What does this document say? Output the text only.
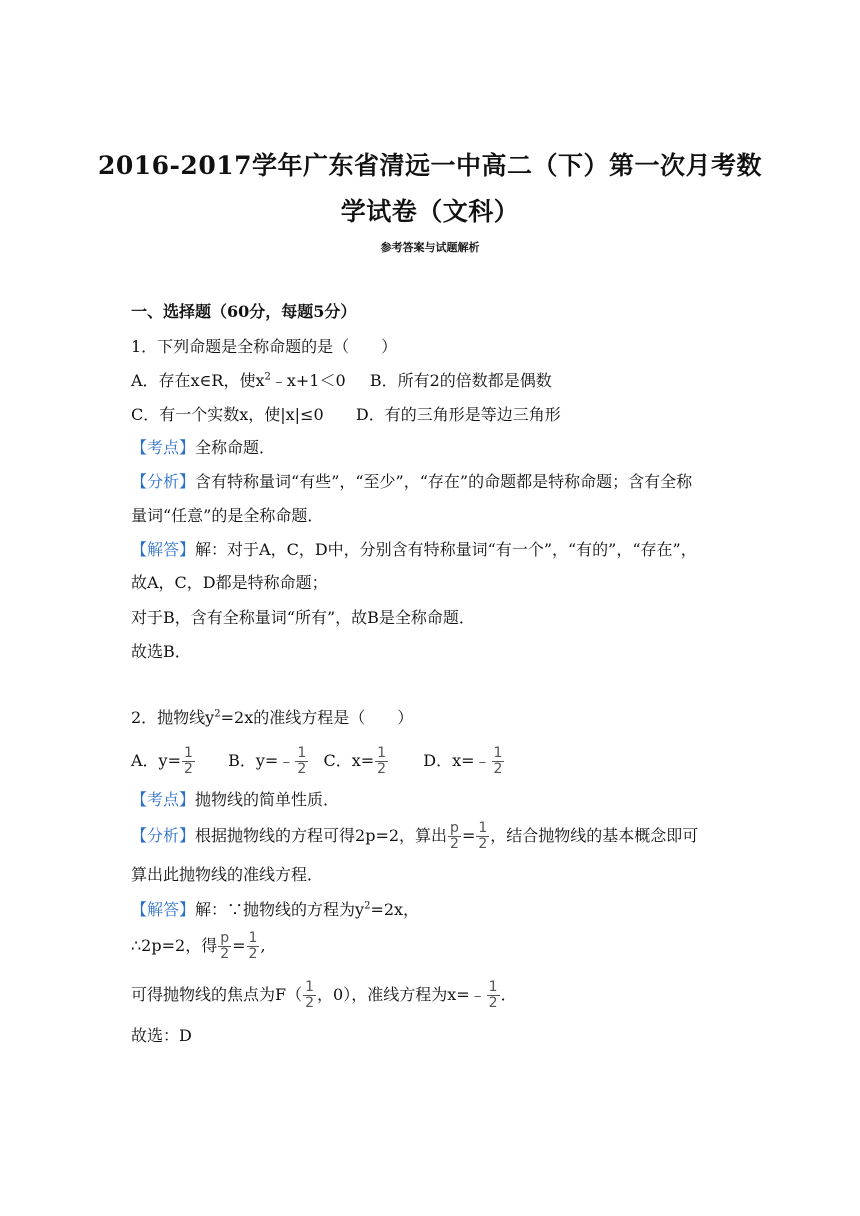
2016-2017学年广东省清远一中高二（下）第一次月考数
学试卷（文科）
参考答案与试题解析
一、选择题（60分，每题5分）
1．下列命题是全称命题的是（　　）
A．存在x∈R，使$x^2﹣x+1<0$ B．所有2的倍数都是偶数
C．有一个实数x，使|x|≤0 D．有的三角形是等边三角形
【考点】全称命题．
【分析】含有特称量词“有些”，“至少”，“存在”的命题都是特称命题；含有全称
量词“任意”的是全称命题．
【解答】解：对于A，C，D中，分别含有特称量词“有一个”，“有的”，“存在”，
故A，C，D都是特称命题；
对于B，含有全称量词“所有”，故B是全称命题．
故选B．
2．抛物线$y^2=2x$的准线方程是（　　）
A．$y= \frac{1}{2}$ B．y=﹣ $\frac{1}{2}$ C．$x= \frac{1}{2}$ D．x=﹣ $\frac{1}{2}$
【考点】抛物线的简单性质．
【分析】根据抛物线的方程可得2p=2，算出 $\frac{p}{2} = \frac{1}{2}$ ，结合抛物线的基本概念即可
算出此抛物线的准线方程．
【解答】解：∵抛物线的方程为$y^2=2x$，
∴2p=2，得 $\frac{p}{2} = \frac{1}{2}$ ,
可得抛物线的焦点为$F( \frac{1}{2}$ ，0），准线方程为x=﹣ $\frac{1}{2}$ ．
故选：D
